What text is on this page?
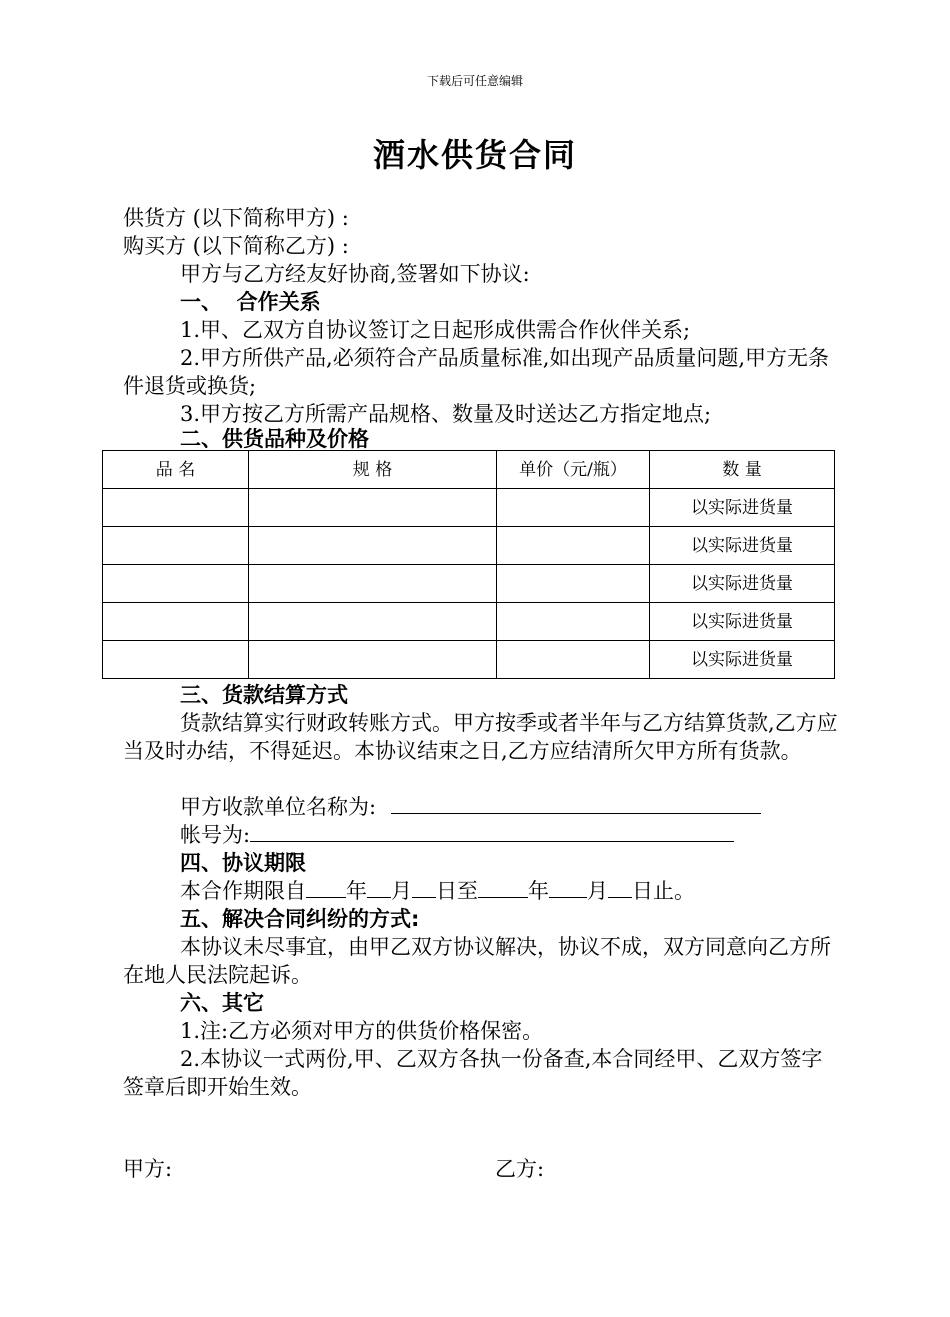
下载后可任意编辑
酒水供货合同
供货方 (以下简称甲方) :
购买方 (以下简称乙方) :
甲方与乙方经友好协商,签署如下协议:
一、  合作关系
1.甲、乙双方自协议签订之日起形成供需合作伙伴关系;
2.甲方所供产品,必须符合产品质量标准,如出现产品质量问题,甲方无条件退货或换货;
3.甲方按乙方所需产品规格、数量及时送达乙方指定地点;
二、供货品种及价格
品 名	规 格	单价（元/瓶）	数 量
			以实际进货量
			以实际进货量
			以实际进货量
			以实际进货量
			以实际进货量
三、货款结算方式
货款结算实行财政转账方式。甲方按季或者半年与乙方结算货款,乙方应当及时办结，不得延迟。本协议结束之日,乙方应结清所欠甲方所有货款。
甲方收款单位名称为:
帐号为:
四、协议期限
本合作期限自 年 月 日至 年 月 日止。
五、解决合同纠纷的方式:
本协议未尽事宜，由甲乙双方协议解决，协议不成，双方同意向乙方所在地人民法院起诉。
六、其它
1.注:乙方必须对甲方的供货价格保密。
2.本协议一式两份,甲、乙双方各执一份备查,本合同经甲、乙双方签字签章后即开始生效。
甲方:	乙方:
